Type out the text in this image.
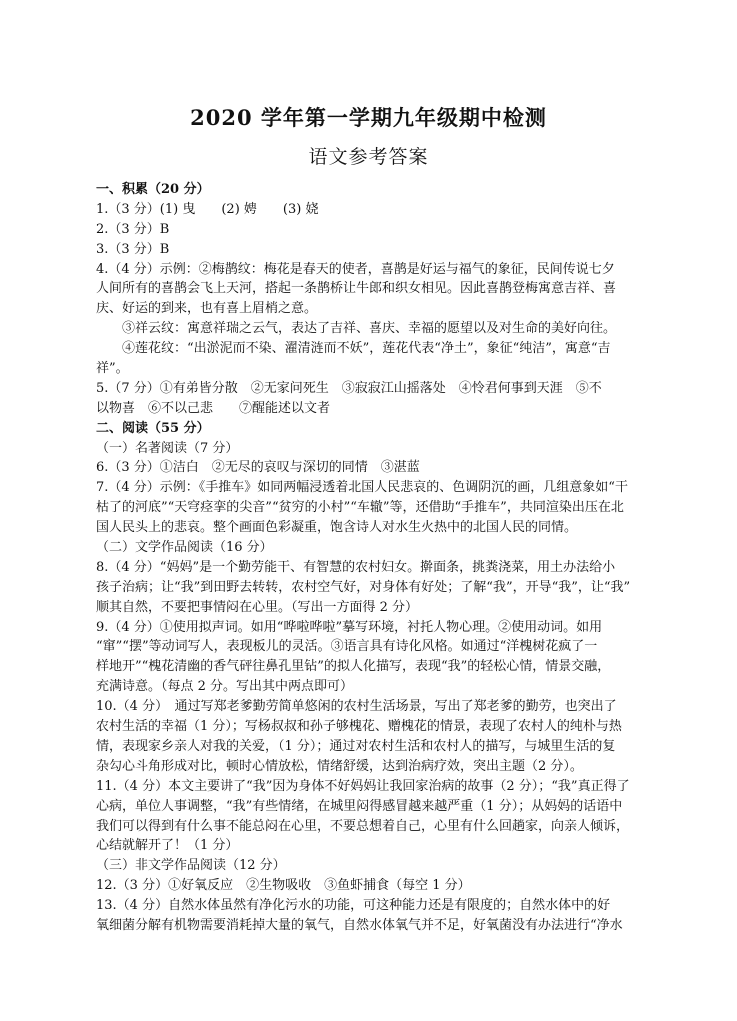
2020 学年第一学期九年级期中检测
语文参考答案
一、积累（20 分）
1.（3 分）(1) 曳　　(2) 娉　　(3) 娆
2.（3 分）B
3.（3 分）B
4.（4 分）示例：②梅鹊纹：梅花是春天的使者，喜鹊是好运与福气的象征，民间传说七夕
人间所有的喜鹊会飞上天河，搭起一条鹊桥让牛郎和织女相见。因此喜鹊登梅寓意吉祥、喜
庆、好运的到来，也有喜上眉梢之意。
③祥云纹：寓意祥瑞之云气，表达了吉祥、喜庆、幸福的愿望以及对生命的美好向往。
④莲花纹：“出淤泥而不染、濯清涟而不妖”，莲花代表“净土”，象征“纯洁”，寓意“吉
祥”。
5.（7 分）①有弟皆分散　②无家问死生　③寂寂江山摇落处　④怜君何事到天涯　⑤不
以物喜　⑥不以己悲　　⑦醒能述以文者
二、阅读（55 分）
（一）名著阅读（7 分）
6.（3 分）①洁白　②无尽的哀叹与深切的同情　③湛蓝
7.（4 分）示例：《手推车》如同两幅浸透着北国人民悲哀的、色调阴沉的画，几组意象如“干
枯了的河底”“天穹痉挛的尖音”“贫穷的小村”“车辙”等，还借助“手推车”，共同渲染出压在北
国人民头上的悲哀。整个画面色彩凝重，饱含诗人对水生火热中的北国人民的同情。
（二）文学作品阅读（16 分）
8.（4 分）“妈妈”是一个勤劳能干、有智慧的农村妇女。擀面条，挑粪浇菜，用土办法给小
孩子治病；让“我”到田野去转转，农村空气好，对身体有好处；了解“我”，开导“我”，让“我”
顺其自然，不要把事情闷在心里。（写出一方面得 2 分）
9.（4 分）①使用拟声词。如用“哗啦哗啦”摹写环境，衬托人物心理。②使用动词。如用
“窜”“摆”等动词写人，表现板儿的灵活。③语言具有诗化风格。如通过“洋槐树花疯了一
样地开”“槐花清幽的香气砰往鼻孔里钻”的拟人化描写，表现“我”的轻松心情，情景交融，
充满诗意。（每点 2 分。写出其中两点即可）
10.（4 分）　通过写郑老爹勤劳简单悠闲的农村生活场景，写出了郑老爹的勤劳，也突出了
农村生活的幸福（1 分）；写杨叔叔和孙子够槐花、赠槐花的情景，表现了农村人的纯朴与热
情，表现家乡亲人对我的关爱，（1 分）；通过对农村生活和农村人的描写，与城里生活的复
杂勾心斗角形成对比，顿时心情放松，情绪舒缓，达到治病疗效，突出主题（2 分）。
11.（4 分）本文主要讲了“我”因为身体不好妈妈让我回家治病的故事（2 分）；“我”真正得了
心病，单位人事调整，“我”有些情绪，在城里闷得感冒越来越严重（1 分）；从妈妈的话语中
我们可以得到有什么事不能总闷在心里，不要总想着自己，心里有什么回趟家，向亲人倾诉，
心结就解开了！（1 分）
（三）非文学作品阅读（12 分）
12.（3 分）①好氧反应　②生物吸收　③鱼虾捕食（每空 1 分）
13.（4 分）自然水体虽然有净化污水的功能，可这种能力还是有限度的；自然水体中的好
氧细菌分解有机物需要消耗掉大量的氧气，自然水体氧气并不足，好氧菌没有办法进行“净水
